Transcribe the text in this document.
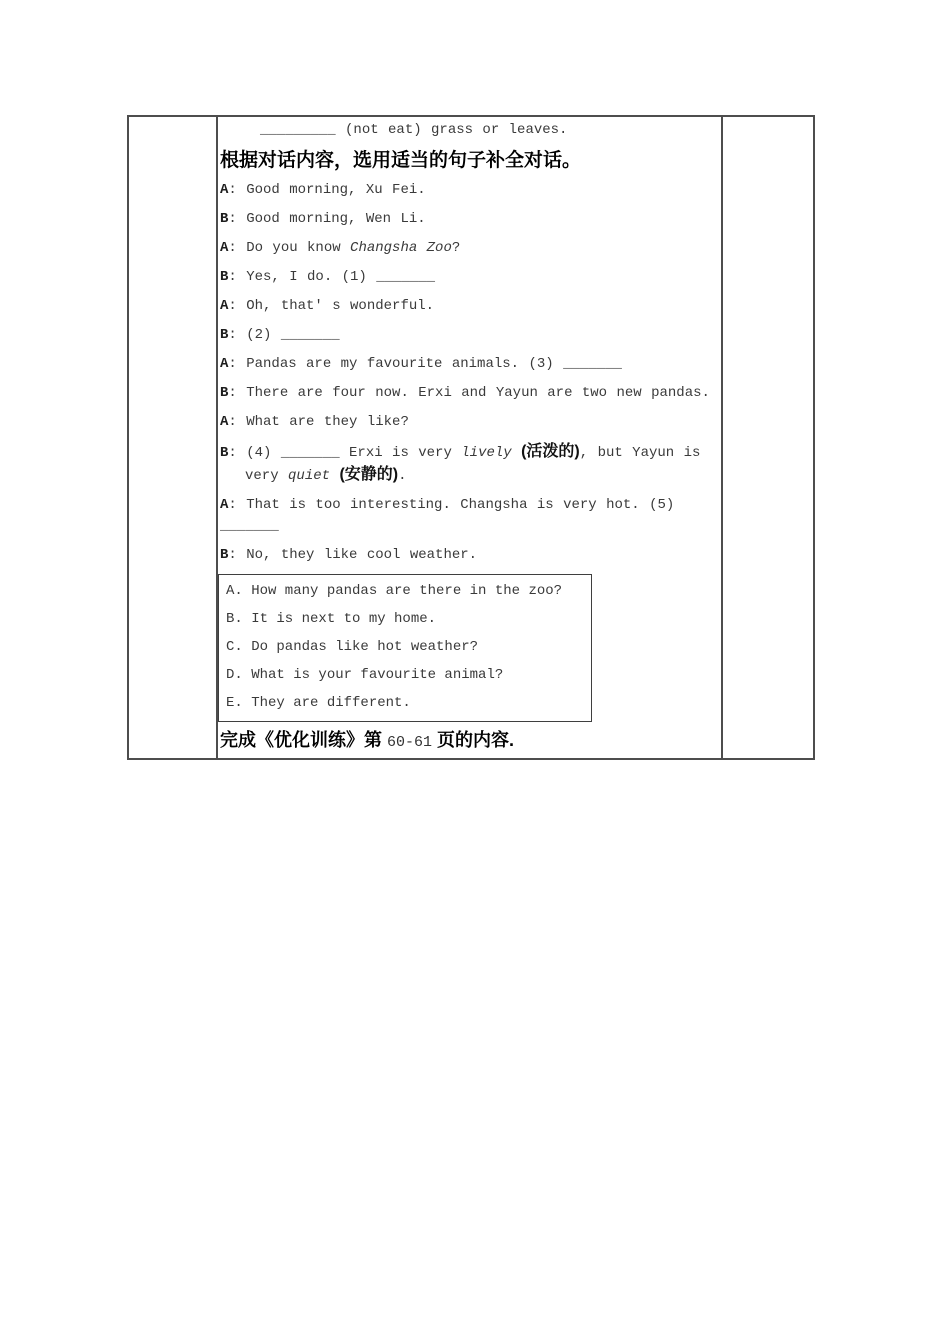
_________ (not eat) grass or leaves.

根据对话内容，选用适当的句子补全对话。

A: Good morning, Xu Fei.

B: Good morning, Wen Li.

A: Do you know Changsha Zoo?

B: Yes, I do. (1) _______

A: Oh, that' s wonderful.

B: (2) _______

A: Pandas are my favourite animals. (3) _______

B: There are four now. Erxi and Yayun are two new pandas.

A: What are they like?

B: (4) _______ Erxi is very lively (活泼的), but Yayun is very quiet (安静的).

A: That is too interesting. Changsha is very hot. (5) _______

B: No, they like cool weather.

A. How many pandas are there in the zoo?
B. It is next to my home.
C. Do pandas like hot weather?
D. What is your favourite animal?
E. They are different.

完成《优化训练》第 60-61 页的内容.
